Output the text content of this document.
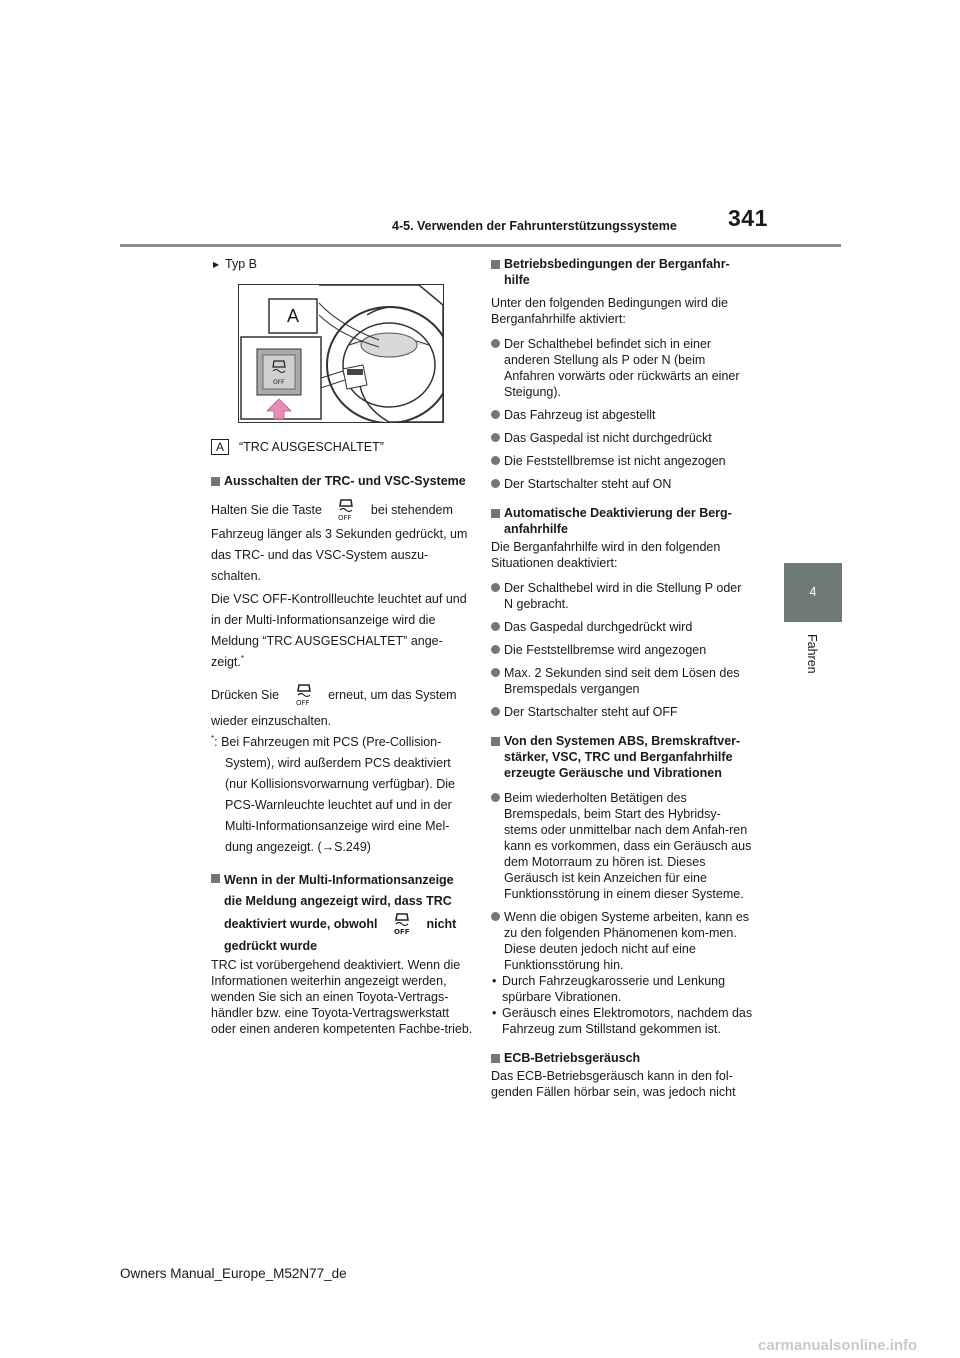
4-5. Verwenden der Fahrunterstützungssysteme 341
4
Fahren
▶ Typ B
OFF
A
A “TRC AUSGESCHALTET”
Ausschalten der TRC- und VSC-Systeme
Halten Sie die Taste
OFF
bei stehendem
Fahrzeug länger als 3 Sekunden gedrückt, um das TRC- und das VSC-System auszu-schalten.
Die VSC OFF-Kontrollleuchte leuchtet auf und in der Multi-Informationsanzeige wird die Meldung “TRC AUSGESCHALTET” ange-zeigt.*
Drücken Sie
OFF
erneut, um das System
wieder einzuschalten.
*: Bei Fahrzeugen mit PCS (Pre-Collision-System), wird außerdem PCS deaktiviert (nur Kollisionsvorwarnung verfügbar). Die PCS-Warnleuchte leuchtet auf und in der Multi-Informationsanzeige wird eine Mel-dung angezeigt. (→S.249)
Wenn in der Multi-Informationsanzeige die Meldung angezeigt wird, dass TRC
deaktiviert wurde, obwohl
OFF
nicht
gedrückt wurde
TRC ist vorübergehend deaktiviert. Wenn die Informationen weiterhin angezeigt werden, wenden Sie sich an einen Toyota-Vertrags-händler bzw. eine Toyota-Vertragswerkstatt oder einen anderen kompetenten Fachbe-trieb.
Betriebsbedingungen der Berganfahr-hilfe
Unter den folgenden Bedingungen wird die Berganfahrhilfe aktiviert:
Der Schalthebel befindet sich in einer anderen Stellung als P oder N (beim Anfahren vorwärts oder rückwärts an einer Steigung).
Das Fahrzeug ist abgestellt
Das Gaspedal ist nicht durchgedrückt
Die Feststellbremse ist nicht angezogen
Der Startschalter steht auf ON
Automatische Deaktivierung der Berg-anfahrhilfe
Die Berganfahrhilfe wird in den folgenden Situationen deaktiviert:
Der Schalthebel wird in die Stellung P oder N gebracht.
Das Gaspedal durchgedrückt wird
Die Feststellbremse wird angezogen
Max. 2 Sekunden sind seit dem Lösen des Bremspedals vergangen
Der Startschalter steht auf OFF
Von den Systemen ABS, Bremskraftver-stärker, VSC, TRC und Berganfahrhilfe erzeugte Geräusche und Vibrationen
Beim wiederholten Betätigen des Bremspedals, beim Start des Hybridsy-stems oder unmittelbar nach dem Anfah-ren kann es vorkommen, dass ein Geräusch aus dem Motorraum zu hören ist. Dieses Geräusch ist kein Anzeichen für eine Funktionsstörung in einem dieser Systeme.
Wenn die obigen Systeme arbeiten, kann es zu den folgenden Phänomenen kom-men. Diese deuten jedoch nicht auf eine Funktionsstörung hin.
• Durch Fahrzeugkarosserie und Lenkung spürbare Vibrationen.
• Geräusch eines Elektromotors, nachdem das Fahrzeug zum Stillstand gekommen ist.
ECB-Betriebsgeräusch
Das ECB-Betriebsgeräusch kann in den fol-genden Fällen hörbar sein, was jedoch nicht
Owners Manual_Europe_M52N77_de
carmanualsonline.info
